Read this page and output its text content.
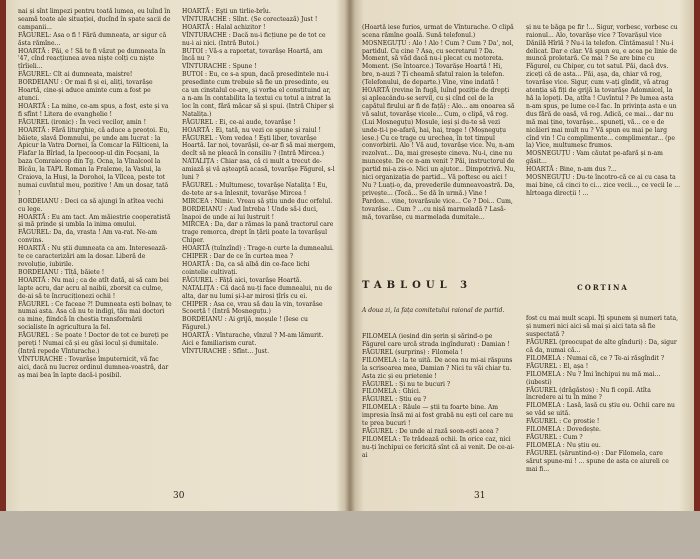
nai și sînt limpezi pentru toată lumea, eu luînd în seamă toate ale situației, ducînd în spate sacii de campanii...
FĂGUREL: Asa o fi ! Fără dumneata, ar sigur că ăsta rămîne...
HOARTĂ : Păi, e ! Să te fi văzut pe dumneata în '47, cînd reacțiunea avea niște colți cu niște țîrîieli...
FĂGUREL: Cît ai dumneata, maistre!
BORDEIANU : Or mai fi și ei, aliți, tovarășe Hoartă, cine-și aduce aminte cum a fost pe atunci.
HOARTĂ : La mine, ce-am spus, a fost, este și va fi sfînt ! Litera de evanghelie !
FĂGUREL (ironic) : În veci vecilor, amin !
HOARTĂ : Fără liturghie, că aduce a preoțoi. Eu, băiete, slavă Domnului, pe unde am lucrat : la Apicur la Vatra Dornei, la Comcar la Fălticeni, la Flafar la Bîrlad, la Ipecooop-ul din Focșani, la baza Comraiecop din Tg. Ocna, la Vînalcool la Bîcău, la TAPL Roman la Fraleme, la Vaslui, la Craiova, la Huși, la Dorohoi, la Vîlcea, peste tot numai cuvîntul meu, pozitive ! Am un dosar, tată !
BORDEIANU : Deci ca să ajungi în atîtea vechi cu lege.
HOARTĂ : Eu am tact. Am măiestrie cooperatistă și mă prinde și umbla la inima omului.
FĂGUREL: Da, da, vrasta ! Am va-rat. Ne-am convins.
HOARTĂ : Nu știi dumneata ca am. Interesează-te ce caracterizări am la dosar. Liberă de revoluție, iubirile.
BORDEIANU : Tîță, băiete !
HOARTĂ : Nu mai ; ca de atît dată, ai să cam bei lapte acru, dar acru al naibii, zborsit ca culme, de-ai să te încruciționezi ochii !
FĂGUREL : Ce faceae ?! Dumneata ești bolnav, te numai asta. Asa că nu te indigi, tău mai doctori ca mine, fiindcă în chestia transformării socialiste în agricultura la fel.
FĂGUREL : Se poate ! Doctor de tot ce bureți pe pereți ! Numai că și eu găsi locul și dumitale. (Intră repede Vînturache.)
VÎNTURACHE : Tovarășe împuternicit, vă fac aici, dacă nu lucrez ordinul dumnea-voastră, dar aș mai bea în lapte dacă-i posibil.
HOARTĂ : Eşti un tirlie-brîu.
VÎNTURACHE : Slînt. (Se corectează) Just !
HOARTĂ : Halal achizitor !
VÎNTURACHE : Dacă nu-i ficțiune pe de tot ce nu-i ai nici. (Intră Butoi.)
BUTOI : Vă-s a raportat, tovarășe Hoartă, am încă nu ?
VÎNTURACHE : Spune !
BUTOI : Eu, ce s-a spun, dacă presedintele nu-i presedinte cum trebuie să fie un presedinte, eu ca un cinstalul ce-are, și vorba el constituind ar, a n-am în contabilita la textui cu totul a intrat la loc în cont, fără măcar să și spui. (Intră Chiper și Natalița.)
FĂGUREL : Ei, ce-ai aude, tovarășe !
HOARTĂ : Ei, tată, nu vezi ce spune și raiul !
FĂGUREL : Vom vedea ! Eşti liber, tovarășe Hoartă. Iar noi, tovarășii, ce-ar fi să mai mergem, decît să ne pleacă în consiliu ? (Intră Mircea.)
NATALIȚA : Chiar asa, că ci mult a trecut de-amiază și vă așteaptă acasă, tovarășe Făgurel, s-l luni ?
FĂGUREL : Multumesc, tovarășe Natalița ! Eu, de-tete ar s-a înlesnit, tovarășe Mircea !
MIRCEA : Nimic. Vreau să știu unde duc orfelul.
BORDEIANU : Aud întreba ! Unde să-i duci, înapoi de unde ai lui lustruit !
MIRCEA : Da, dar a rămas la pană tractorul care trage remorca, drept în țării poate la tovarășul Chiper.
HOARTĂ (tuînzînd) : Trage-n curte la dumnealui.
CHIPER : Dar de ce în curtea mea ?
HOARTĂ : Da, ca să albă din ce-face lichi cointelie cultivați.
FĂGUREL : Făță aici, tovarășe Hoartă.
NATALIȚA : Că dacă nu-ți face dumnealui, nu de alta, dar nu lumi și-l-ar mirosi țîrîs cu ei.
CHIPER : Asa ce, vrau să dau la vin, tovarăse Scoerță ! (Intră Mosneguțu.)
BORDEIANU : Ai grijă, moșule ! (Iese cu Făgurel.)
HOARTĂ : Vînturache, vînzul ? M-am lămurit. Aici e familiarism curat.
VÎNTURACHE : Sfînt... Just.
30

(Hoartă iese furios, urmat de Vînturache. O clipă scena rămîne goală. Sună telefonul.)
MOSNEGUȚU : Alo ! Alo ! Cum ? Cum ? Da', nol, partidul. Cu cine ? Asa, cu secretarul ? Da. Moment, să văd dacă nu-i plecat cu motoreta. Moment. (Se întoarce.) Tovarășe Hoartă ! Hi, bre, n-auzi ? Ți cheamă sfatul raion la telefon. (Telefonului, de departe.) Vine, vine indată !
HOARTĂ (revine în fugă, luînd poziție de drepți și apleacându-se servil, cu și cînd cel de la capătul firului ar fi de față) : Alo... am onoarea să vă salut, tovarășe vicele... Cum, o clipă, vă rog. (Lui Mosneguțu) Mosule, ieși și du-te să vezi unde-ți-i pe-afară, hai, hai, trage ! (Moșneguțu iese.) Cu ce trage cu urechea, în tot timpul convorbirii. Alo ! Vă aud, tovarășe vice. Nu, n-am rezolvat... Da, mai gresește cineva. Nu-i, cine nu muncește. De ce n-am venit ? Păi, instructorul de partid mi-a zis-o. Nici un ajutor... Dimpotrivă. Nu, nici organizația de partid... Vă poftesc eu aici ! Nu ? Luați-o, da, prevederile dumneavoastră. Da, privește... (Tocă... Se dă în urmă.) Vine ! Pardon... vine, tovarăsule vice... Ce ? Doi... Cum, tovarăse... Cum ? ...cu nișă marmeladă ? Lasă-mă, tovarăse, cu marmelada dumitale...

TABLOUL 3

A doua zi, la fața comitetului raional de partid.

FILOMELA (iesind din șerin și sărind-o pe Făgurel care urcă strada ingîndurat) : Damian !
FĂGUREL (surprins) : Filomela !
FILOMELA : la te uită. De acea nu mi-ai răspuns la scrisoarea mea, Damian ? Nici tu văi chiar tu. Asta zic și eu prietenie !
FĂGUREL : Și nu te bucuri ?
FILOMELA : Ghici.
FĂGUREL : Știu eu ?
FILOMELA : Răule — știi tu foarte bine. Am impresia însă mi ai fost grabă nu ești cel care nu te prea bucuri !
FĂGUREL : De unde ai rază soon-ești acea ?
FILOMELA : Te trădează ochii. In orice caz, nici nu-ți închipui ce fericită sînt că ai venit. De ce-ai-ai

și nu te băga pe fir !... Sigur, vorbesc, vorbesc cu raionul... Alo, tovarășe vice ? Tovarășul vice Dănilă Hîrlă ? Nu-i la telefon. Cîntămasul ! Nu-i delicat. Dar e clar. Vă spun eu, e acea pe linie de muncă proletară. Ce mai ? Se are bine cu Făgurel, cu Chiper, cu tot satul. Păi, dacă dvs. ziceți că de asta... Păi, așa, da, chiar vă rog, tovarășe vice. Sigur, cum v-ați gîndit, vă atrag atenția să fiți de grijă la tovarășe Adomnicel, la hă la lopeți. Da, atîta ! Cuvîntul ? Pe lumea asta n-am spus, pe lume ce-l fac. In privința asta e un dus fără de oasă, vă rog. Adică, ce mai... dar nu mă mai ține, tovarășe... spuneți, vă... ce e de nicăieri mai mult nu ? Vă spun eu mai pe larg cînd vin ! Cu complimente... complimentar... (pe la) Vice, multumesc frumos.
MOSNEGUȚU : Vam căutat pe-afară și n-am găsit...
HOARTĂ : Bine, n-am dus ?...
MOSNEGUȚU : Du-te încotro-că ce ai cu casa ta mai bine, că cinci to ci... zice vecii..., ce vecii le ... hîrtoaga direcții ! ...

CORTINA

fost cu mai mult scapi. Îți spunem și numeri tata, și numeri nici aici să mai și aici tata să fie suspectată ?
FĂGUREL (preocupat de alte gînduri) : Da, sigur că da, numai că...
FILOMELA : Numai că, ce ? Te-ai răsgîndit ?
FĂGUREL : El, așa !
FILOMELA : Nu ? Îmi închipui nu mă mai... (iubesti)
FĂGUREL (drăgăstos) : Nu fi copil. Atîta încredere ai tu în mine ?
FILOMELA : Lasă, lasă cu știu eu. Ochii care nu se văd se uită.
FĂGUREL : Ce prostie !
FILOMELA : Dovedește.
FĂGUREL : Cum ?
FILOMELA : Nu știu eu.
FĂGUREL (săruntind-o) : Dar Filomela, care sărut spune-mi ! ... spune de asta ce aiureli ce mai fi...

31
